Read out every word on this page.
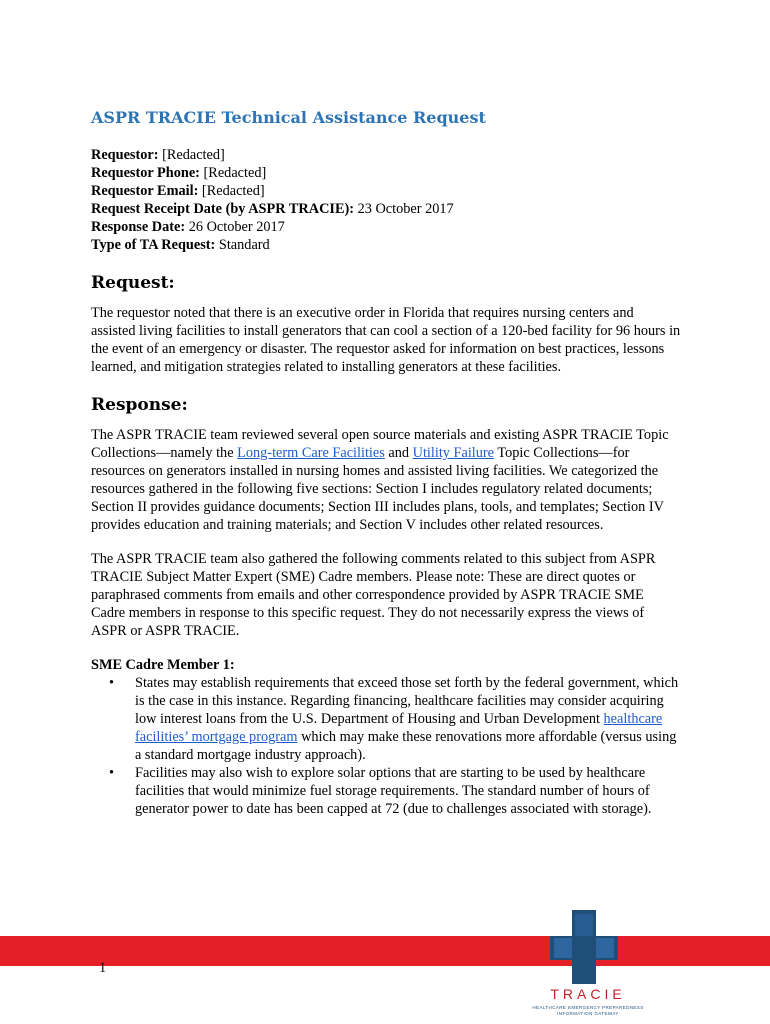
ASPR TRACIE Technical Assistance Request
Requestor: [Redacted]
Requestor Phone: [Redacted]
Requestor Email: [Redacted]
Request Receipt Date (by ASPR TRACIE): 23 October 2017
Response Date: 26 October 2017
Type of TA Request: Standard
Request:

The requestor noted that there is an executive order in Florida that requires nursing centers and assisted living facilities to install generators that can cool a section of a 120-bed facility for 96 hours in the event of an emergency or disaster. The requestor asked for information on best practices, lessons learned, and mitigation strategies related to installing generators at these facilities.

Response:

The ASPR TRACIE team reviewed several open source materials and existing ASPR TRACIE Topic Collections—namely the Long-term Care Facilities and Utility Failure Topic Collections—for resources on generators installed in nursing homes and assisted living facilities. We categorized the resources gathered in the following five sections: Section I includes regulatory related documents; Section II provides guidance documents; Section III includes plans, tools, and templates; Section IV provides education and training materials; and Section V includes other related resources.

The ASPR TRACIE team also gathered the following comments related to this subject from ASPR TRACIE Subject Matter Expert (SME) Cadre members. Please note: These are direct quotes or paraphrased comments from emails and other correspondence provided by ASPR TRACIE SME Cadre members in response to this specific request. They do not necessarily express the views of ASPR or ASPR TRACIE.

SME Cadre Member 1:
• States may establish requirements that exceed those set forth by the federal government, which is the case in this instance. Regarding financing, healthcare facilities may consider acquiring low interest loans from the U.S. Department of Housing and Urban Development healthcare facilities’ mortgage program which may make these renovations more affordable (versus using a standard mortgage industry approach).
• Facilities may also wish to explore solar options that are starting to be used by healthcare facilities that would minimize fuel storage requirements. The standard number of hours of generator power to date has been capped at 72 (due to challenges associated with storage).
1
TRACIE
HEALTHCARE EMERGENCY PREPAREDNESS
INFORMATION GATEWAY
